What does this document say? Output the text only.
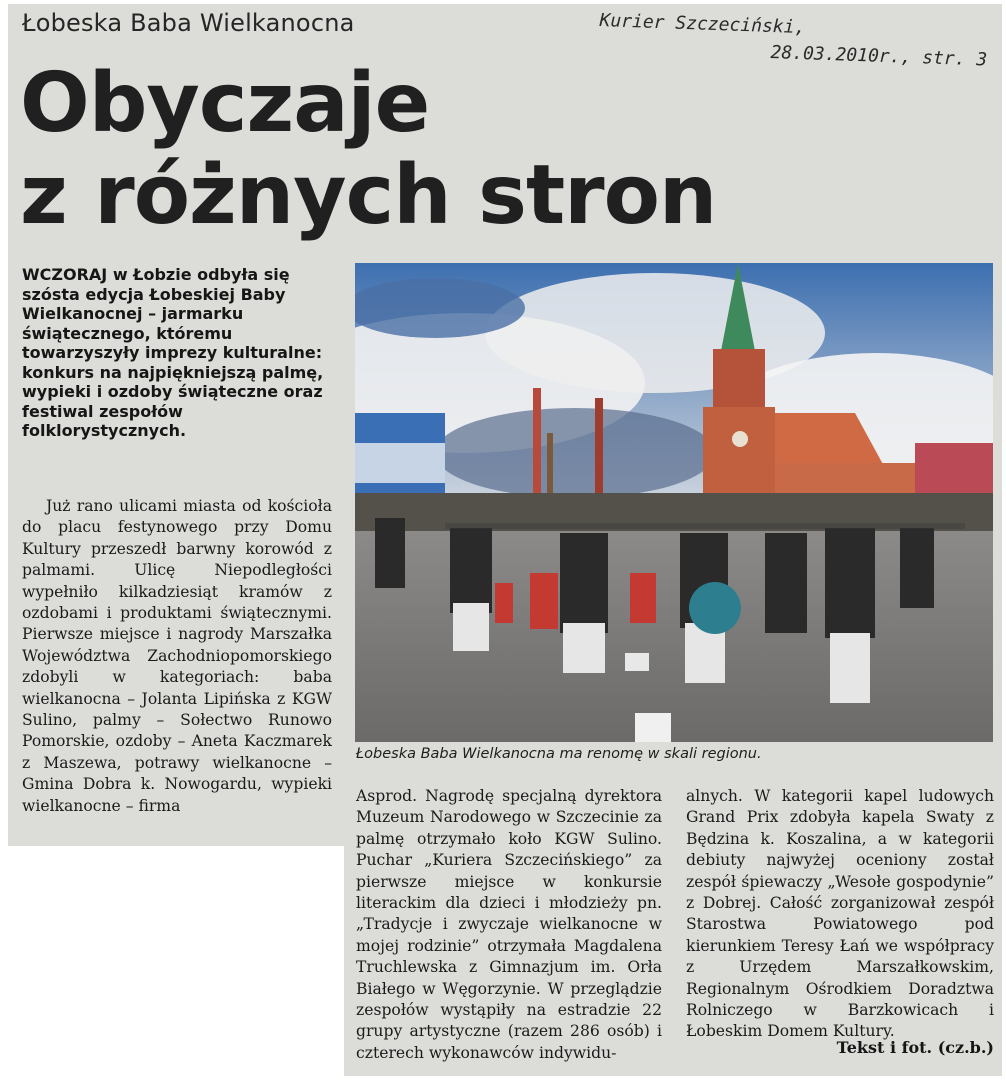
Łobeska Baba Wielkanocna	Kurier Szczeciński,
28.03.2010r., str. 3
Obyczaje
z różnych stron
WCZORAJ w Łobzie odbyła się szósta edycja Łobeskiej Baby Wielkanocnej – jarmarku świątecznego, któremu towarzyszyły imprezy kulturalne: konkurs na najpiękniejszą palmę, wypieki i ozdoby świąteczne oraz festiwal zespołów folklorystycznych.
Łobeska Baba Wielkanocna ma renomę w skali regionu.
Już rano ulicami miasta od kościoła do placu festynowego przy Domu Kultury przeszedł barwny korowód z palmami. Ulicę Niepodległości wypełniło kilkadziesiąt kramów z ozdobami i produktami świątecznymi. Pierwsze miejsce i nagrody Marszałka Województwa Zachodniopomorskiego zdobyli w kategoriach: baba wielkanocna – Jolanta Lipińska z KGW Sulino, palmy – Sołectwo Runowo Pomorskie, ozdoby – Aneta Kaczmarek z Maszewa, potrawy wielkanocne – Gmina Dobra k. Nowogardu, wypieki wielkanocne – firma
Asprod. Nagrodę specjalną dyrektora Muzeum Narodowego w Szczecinie za palmę otrzymało koło KGW Sulino. Puchar „Kuriera Szczecińskiego” za pierwsze miejsce w konkursie literackim dla dzieci i młodzieży pn. „Tradycje i zwyczaje wielkanocne w mojej rodzinie” otrzymała Magdalena Truchlewska z Gimnazjum im. Orła Białego w Węgorzynie. W przeglądzie zespołów wystąpiły na estradzie 22 grupy artystyczne (razem 286 osób) i czterech wykonawców indywidu-
alnych. W kategorii kapel ludowych Grand Prix zdobyła kapela Swaty z Będzina k. Koszalina, a w kategorii debiuty najwyżej oceniony został zespół śpiewaczy „Wesołe gospodynie” z Dobrej. Całość zorganizował zespół Starostwa Powiatowego pod kierunkiem Teresy Łań we współpracy z Urzędem Marszałkowskim, Regionalnym Ośrodkiem Doradztwa Rolniczego w Barzkowicach i Łobeskim Domem Kultury.
Tekst i fot. (cz.b.)
